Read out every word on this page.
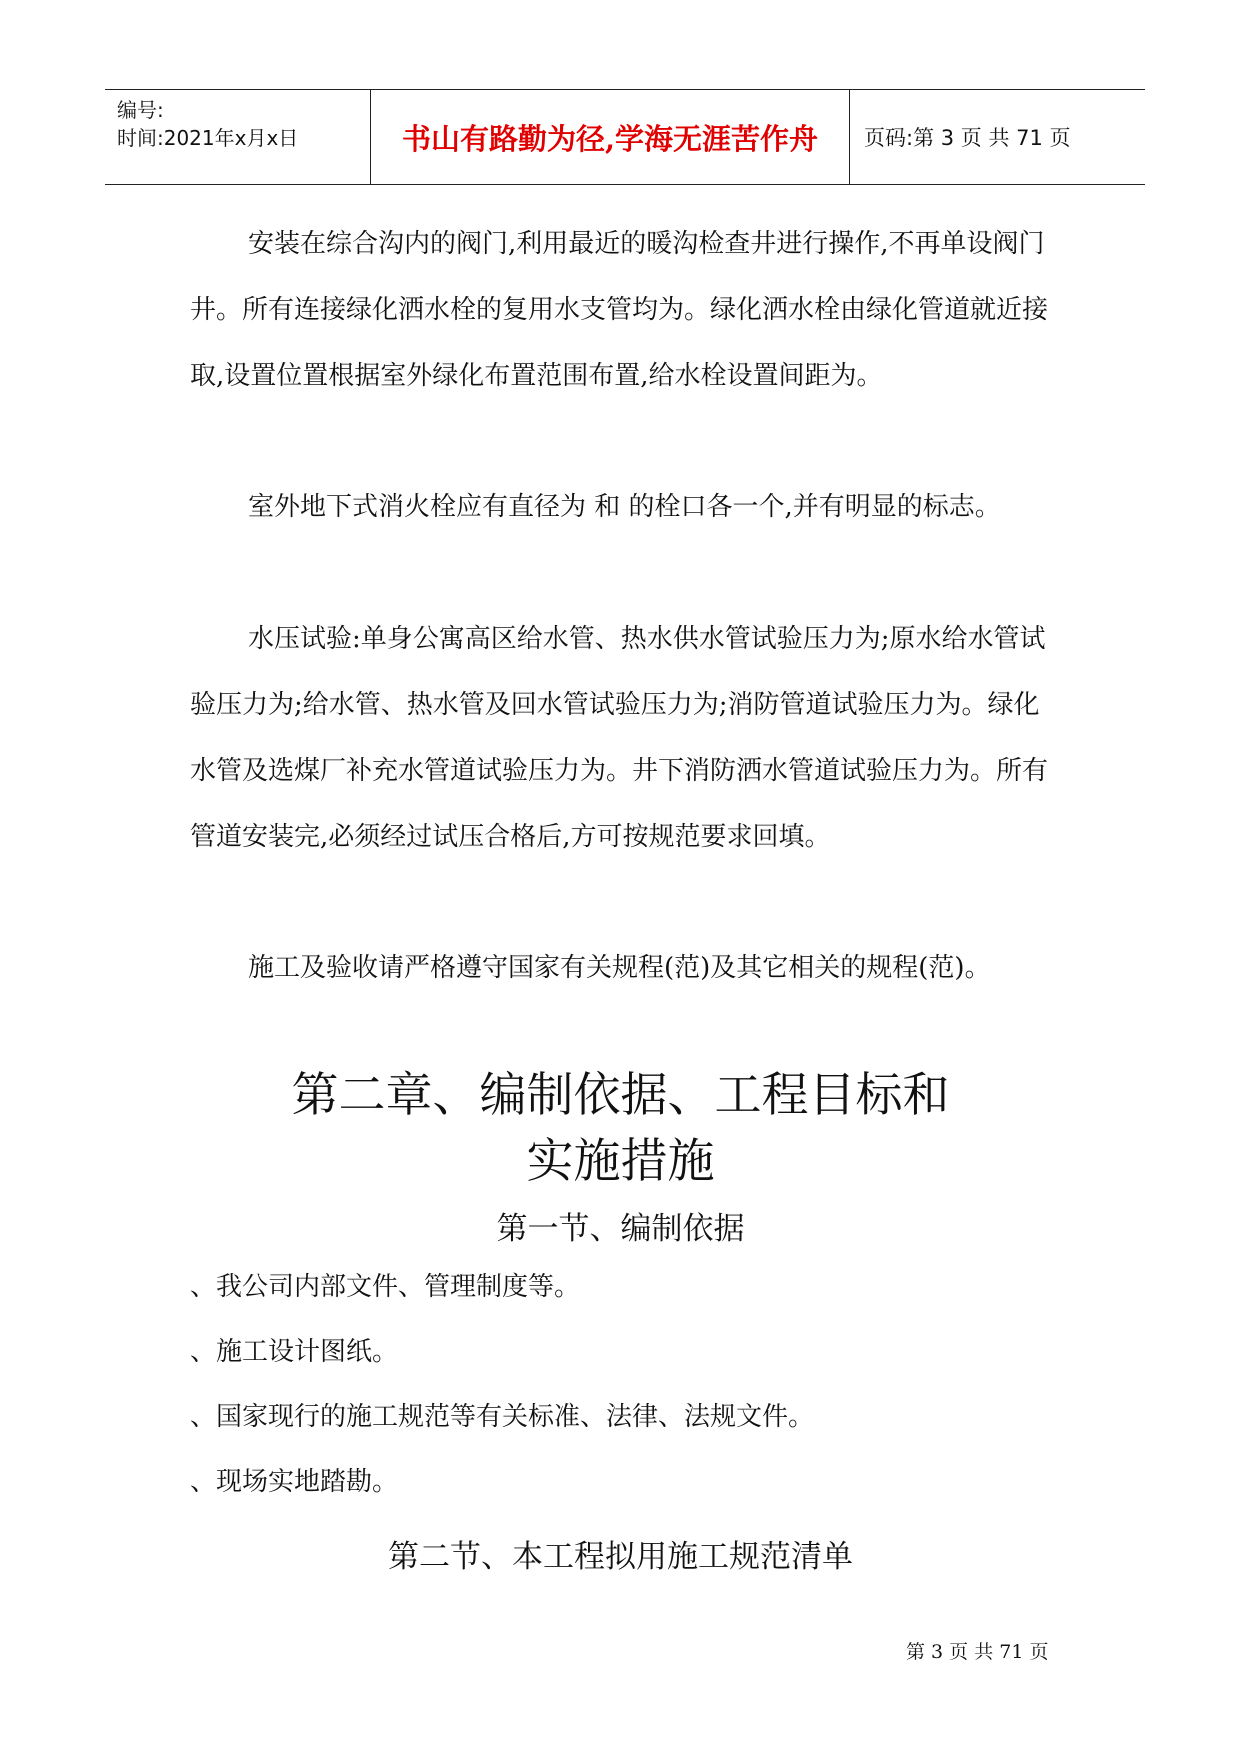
编号:
时间:2021年x月x日	书山有路勤为径,学海无涯苦作舟	页码:第 3 页 共 71 页
安装在综合沟内的阀门,利用最近的暖沟检查井进行操作,不再单设阀门井。所有连接绿化洒水栓的复用水支管均为。绿化洒水栓由绿化管道就近接取,设置位置根据室外绿化布置范围布置,给水栓设置间距为。
室外地下式消火栓应有直径为 和 的栓口各一个,并有明显的标志。
水压试验:单身公寓高区给水管、热水供水管试验压力为;原水给水管试验压力为;给水管、热水管及回水管试验压力为;消防管道试验压力为。绿化水管及选煤厂补充水管道试验压力为。井下消防洒水管道试验压力为。所有管道安装完,必须经过试压合格后,方可按规范要求回填。
施工及验收请严格遵守国家有关规程(范)及其它相关的规程(范)。
第二章、编制依据、工程目标和
实施措施
第一节、编制依据
、我公司内部文件、管理制度等。
、施工设计图纸。
、国家现行的施工规范等有关标准、法律、法规文件。
、现场实地踏勘。
第二节、本工程拟用施工规范清单
第 3 页 共 71 页
